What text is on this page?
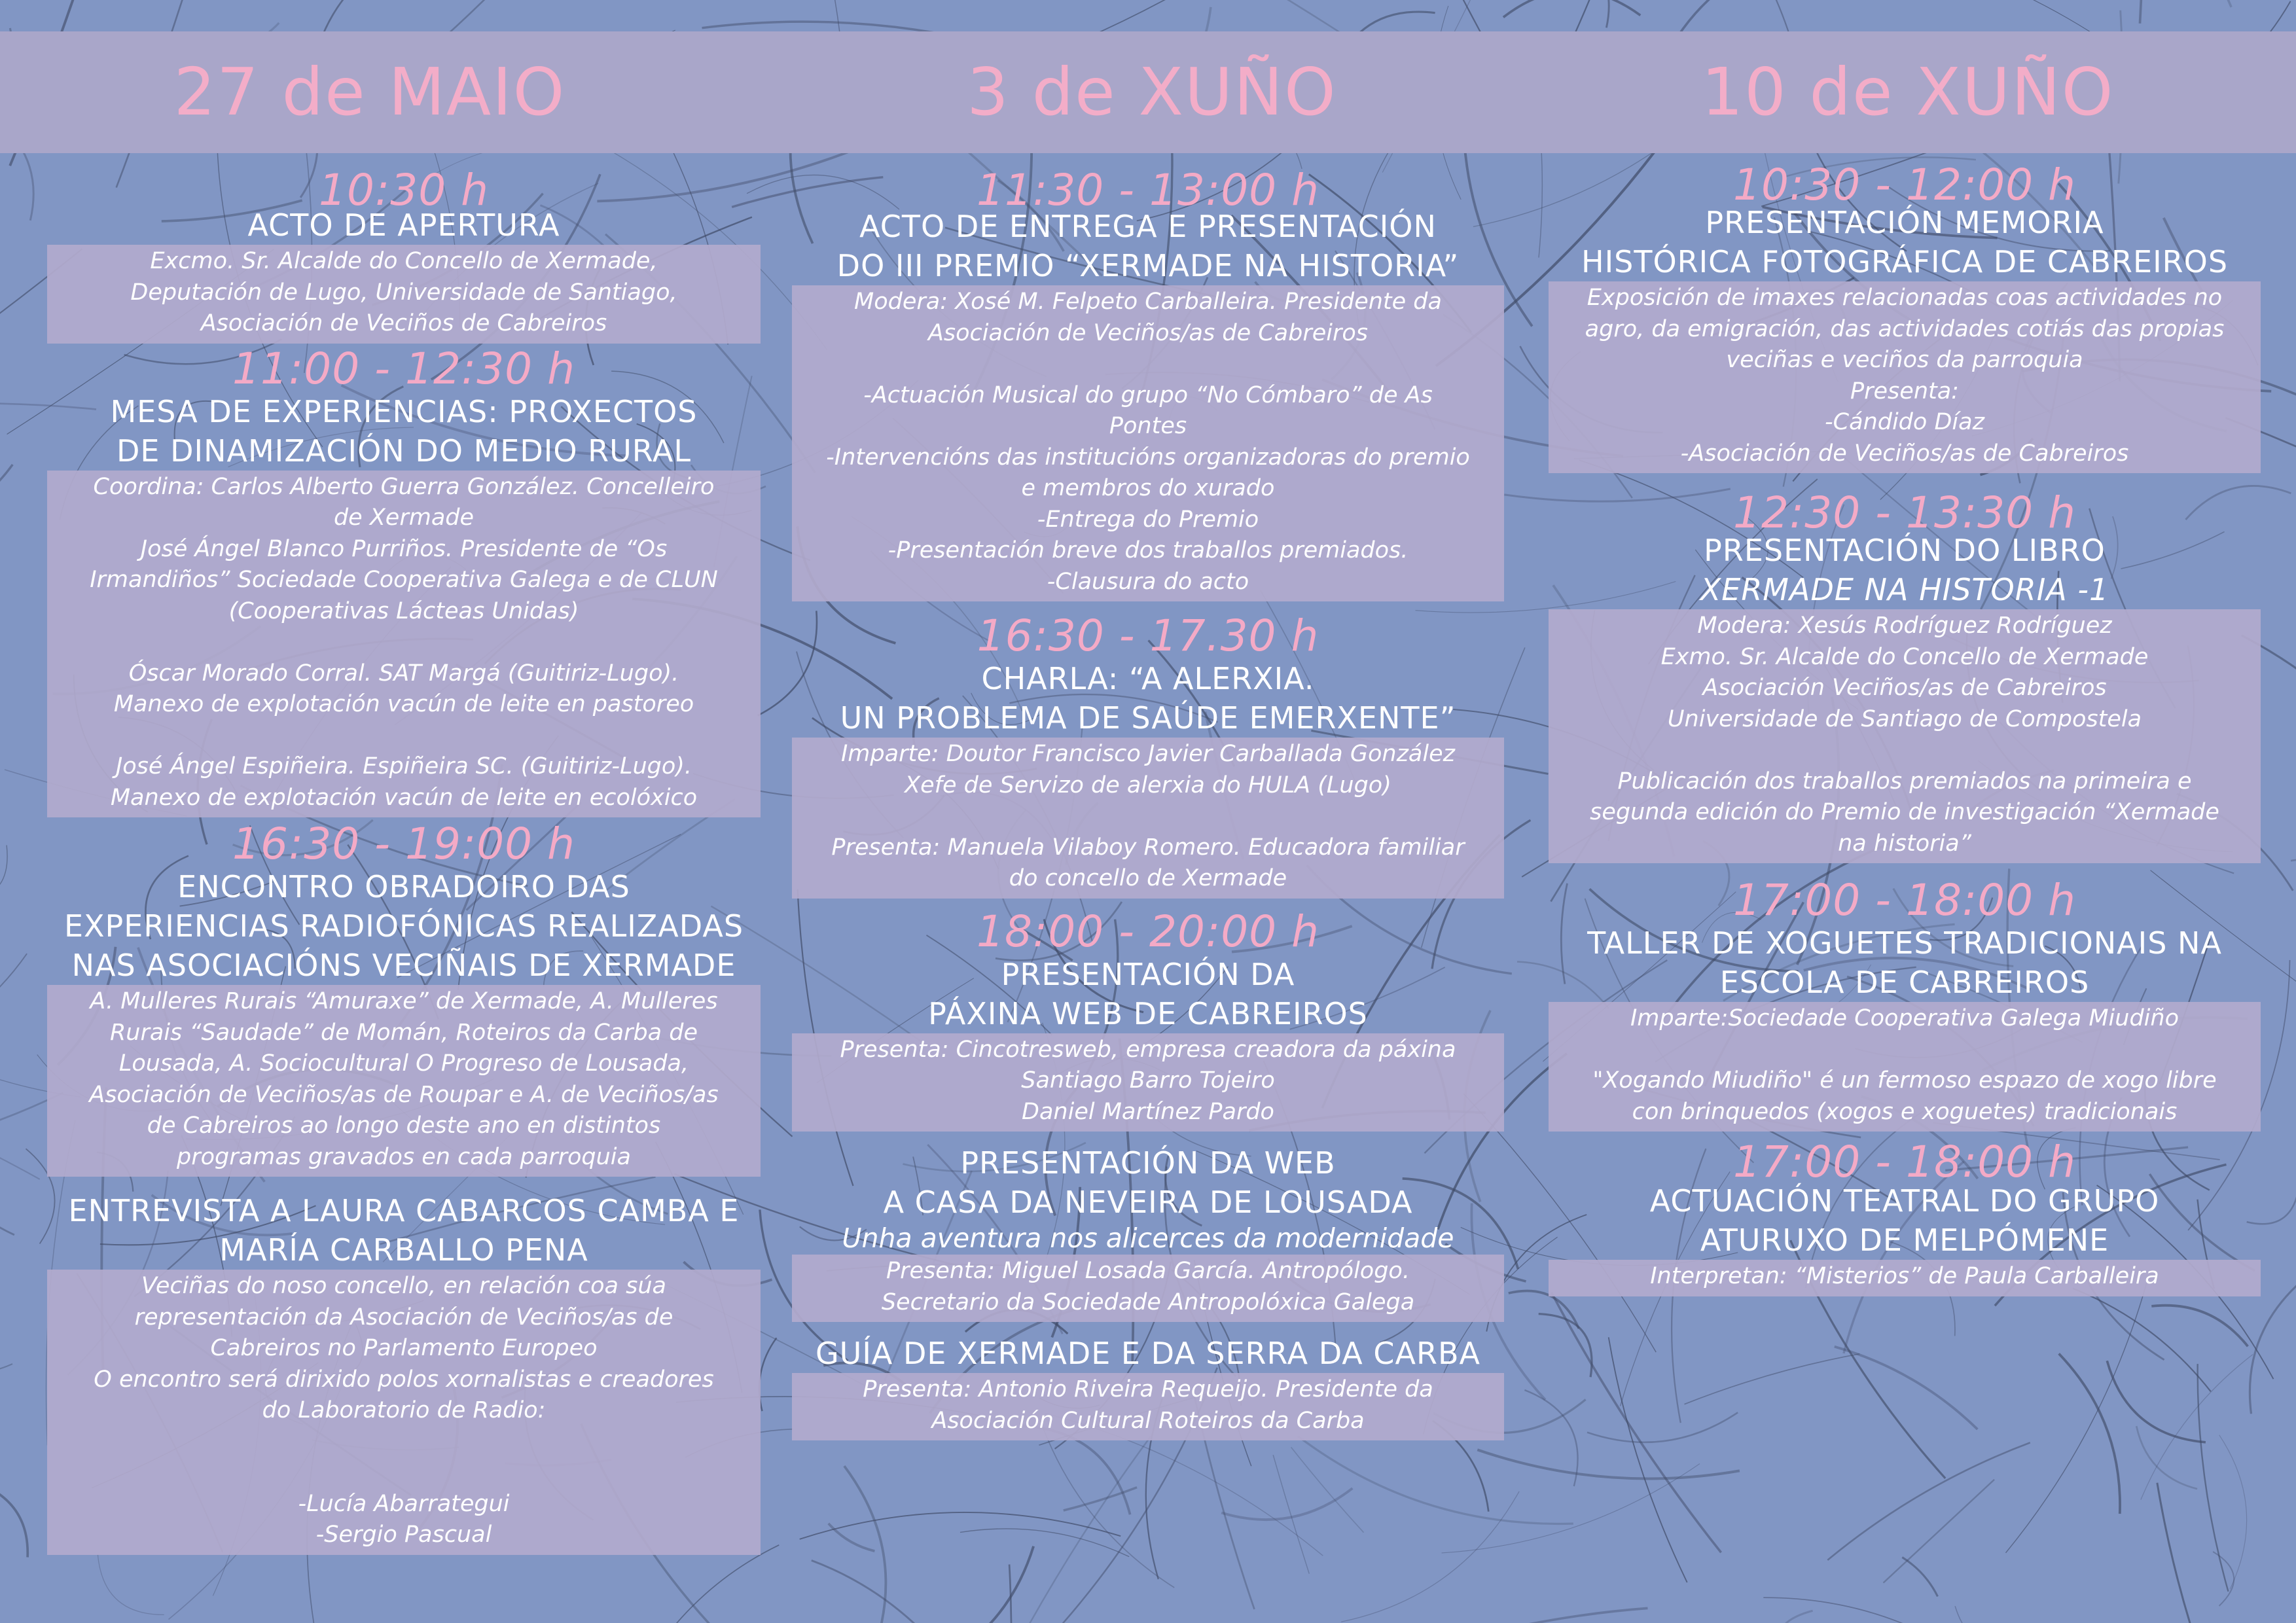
27 de MAIO	3 de XUÑO	10 de XUÑO
10:30 h
ACTO DE APERTURA
Excmo. Sr. Alcalde do Concello de Xermade,
Deputación de Lugo, Universidade de Santiago,
Asociación de Veciños de Cabreiros
11:00 - 12:30 h
MESA DE EXPERIENCIAS: PROXECTOS
DE DINAMIZACIÓN DO MEDIO RURAL
Coordina: Carlos Alberto Guerra González. Concelleiro
de Xermade
José Ángel Blanco Purriños. Presidente de “Os
Irmandiños” Sociedade Cooperativa Galega e de CLUN
(Cooperativas Lácteas Unidas)

Óscar Morado Corral. SAT Margá (Guitiriz-Lugo).
Manexo de explotación vacún de leite en pastoreo

José Ángel Espiñeira. Espiñeira SC. (Guitiriz-Lugo).
Manexo de explotación vacún de leite en ecolóxico
16:30 - 19:00 h
ENCONTRO OBRADOIRO DAS
EXPERIENCIAS RADIOFÓNICAS REALIZADAS
NAS ASOCIACIÓNS VECIÑAIS DE XERMADE
A. Mulleres Rurais “Amuraxe” de Xermade, A. Mulleres
Rurais “Saudade” de Momán, Roteiros da Carba de
Lousada, A. Sociocultural O Progreso de Lousada,
Asociación de Veciños/as de Roupar e A. de Veciños/as
de Cabreiros ao longo deste ano en distintos
programas gravados en cada parroquia
ENTREVISTA A LAURA CABARCOS CAMBA E
MARÍA CARBALLO PENA
Veciñas do noso concello, en relación coa súa
representación da Asociación de Veciños/as de
Cabreiros no Parlamento Europeo
O encontro será dirixido polos xornalistas e creadores
do Laboratorio de Radio:

-Lucía Abarrategui
-Sergio Pascual
11:30 - 13:00 h
ACTO DE ENTREGA E PRESENTACIÓN
DO III PREMIO “XERMADE NA HISTORIA”
Modera: Xosé M. Felpeto Carballeira. Presidente da
Asociación de Veciños/as de Cabreiros

-Actuación Musical do grupo “No Cómbaro” de As
Pontes
-Intervencións das institucións organizadoras do premio
e membros do xurado
-Entrega do Premio
-Presentación breve dos traballos premiados.
-Clausura do acto
16:30 - 17.30 h
CHARLA: “A ALERXIA.
UN PROBLEMA DE SAÚDE EMERXENTE”
Imparte: Doutor Francisco Javier Carballada González
Xefe de Servizo de alerxia do HULA (Lugo)

Presenta: Manuela Vilaboy Romero. Educadora familiar
do concello de Xermade
18:00 - 20:00 h
PRESENTACIÓN DA
PÁXINA WEB DE CABREIROS
Presenta: Cincotresweb, empresa creadora da páxina
Santiago Barro Tojeiro
Daniel Martínez Pardo
PRESENTACIÓN DA WEB
A CASA DA NEVEIRA DE LOUSADA
Unha aventura nos alicerces da modernidade
Presenta: Miguel Losada García. Antropólogo.
Secretario da Sociedade Antropolóxica Galega
GUÍA DE XERMADE E DA SERRA DA CARBA
Presenta: Antonio Riveira Requeijo. Presidente da
Asociación Cultural Roteiros da Carba
10:30 - 12:00 h
PRESENTACIÓN MEMORIA
HISTÓRICA FOTOGRÁFICA DE CABREIROS
Exposición de imaxes relacionadas coas actividades no
agro, da emigración, das actividades cotiás das propias
veciñas e veciños da parroquia
Presenta:
-Cándido Díaz
-Asociación de Veciños/as de Cabreiros
12:30 - 13:30 h
PRESENTACIÓN DO LIBRO
XERMADE NA HISTORIA -1
Modera: Xesús Rodríguez Rodríguez
Exmo. Sr. Alcalde do Concello de Xermade
Asociación Veciños/as de Cabreiros
Universidade de Santiago de Compostela

Publicación dos traballos premiados na primeira e
segunda edición do Premio de investigación “Xermade
na historia”
17:00 - 18:00 h
TALLER DE XOGUETES TRADICIONAIS NA
ESCOLA DE CABREIROS
Imparte:Sociedade Cooperativa Galega Miudiño

"Xogando Miudiño" é un fermoso espazo de xogo libre
con brinquedos (xogos e xoguetes) tradicionais
17:00 - 18:00 h
ACTUACIÓN TEATRAL DO GRUPO
ATURUXO DE MELPÓMENE
Interpretan: “Misterios” de Paula Carballeira
